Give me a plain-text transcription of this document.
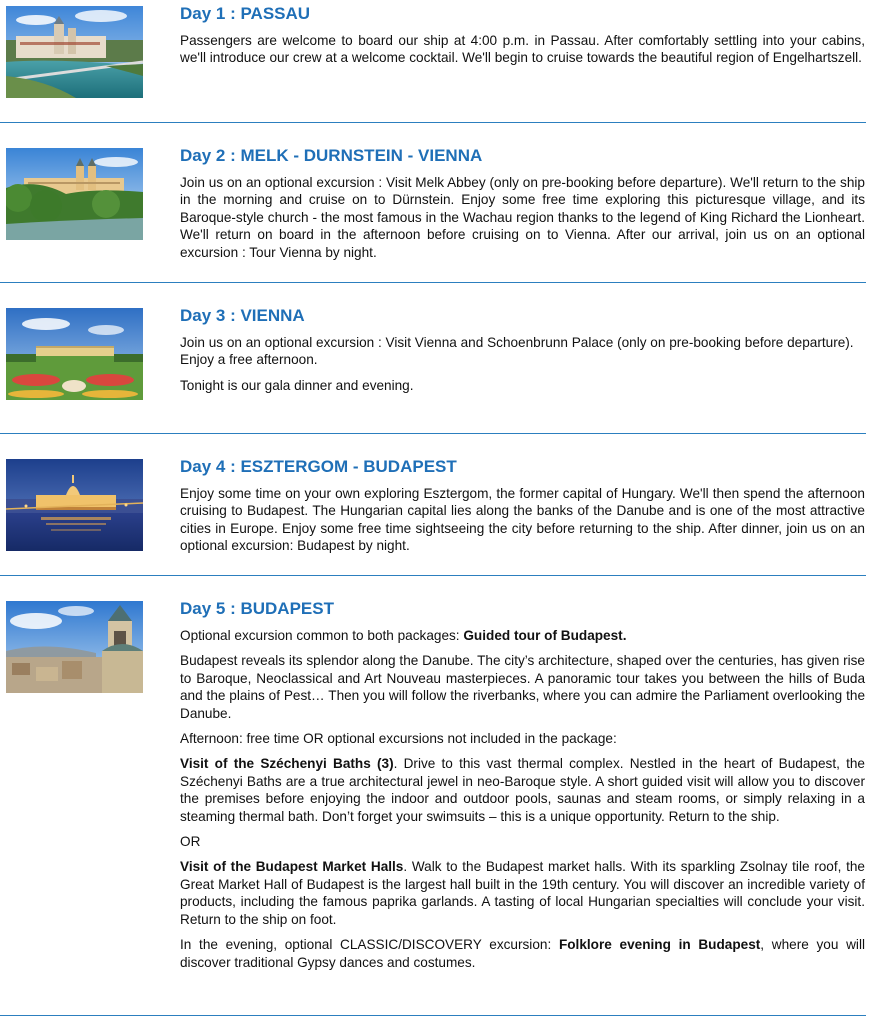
Day 1 : PASSAU

Passengers are welcome to board our ship at 4:00 p.m. in Passau. After comfortably settling into your cabins, we'll introduce our crew at a welcome cocktail. We'll begin to cruise towards the beautiful region of Engelhartszell.

Day 2 : MELK - DURNSTEIN - VIENNA

Join us on an optional excursion : Visit Melk Abbey (only on pre-booking before departure). We'll return to the ship in the morning and cruise on to Dürnstein. Enjoy some free time exploring this picturesque village, and its Baroque-style church - the most famous in the Wachau region thanks to the legend of King Richard the Lionheart. We'll return on board in the afternoon before cruising on to Vienna. After our arrival, join us on an optional excursion : Tour Vienna by night.

Day 3 : VIENNA

Join us on an optional excursion : Visit Vienna and Schoenbrunn Palace (only on pre-booking before departure).

Enjoy a free afternoon.

Tonight is our gala dinner and evening.

Day 4 : ESZTERGOM - BUDAPEST

Enjoy some time on your own exploring Esztergom, the former capital of Hungary. We'll then spend the afternoon cruising to Budapest. The Hungarian capital lies along the banks of the Danube and is one of the most attractive cities in Europe. Enjoy some free time sightseeing the city before returning to the ship. After dinner, join us on an optional excursion: Budapest by night.

Day 5 : BUDAPEST

Optional excursion common to both packages: Guided tour of Budapest.

Budapest reveals its splendor along the Danube. The city’s architecture, shaped over the centuries, has given rise to Baroque, Neoclassical and Art Nouveau masterpieces. A panoramic tour takes you between the hills of Buda and the plains of Pest… Then you will follow the riverbanks, where you can admire the Parliament overlooking the Danube.

Afternoon: free time OR optional excursions not included in the package:

Visit of the Széchenyi Baths (3). Drive to this vast thermal complex. Nestled in the heart of Budapest, the Széchenyi Baths are a true architectural jewel in neo-Baroque style. A short guided visit will allow you to discover the premises before enjoying the indoor and outdoor pools, saunas and steam rooms, or simply relaxing in a steaming thermal bath. Don’t forget your swimsuits – this is a unique opportunity. Return to the ship.

OR

Visit of the Budapest Market Halls. Walk to the Budapest market halls. With its sparkling Zsolnay tile roof, the Great Market Hall of Budapest is the largest hall built in the 19th century. You will discover an incredible variety of products, including the famous paprika garlands. A tasting of local Hungarian specialties will conclude your visit. Return to the ship on foot.

In the evening, optional CLASSIC/DISCOVERY excursion: Folklore evening in Budapest, where you will discover traditional Gypsy dances and costumes.
